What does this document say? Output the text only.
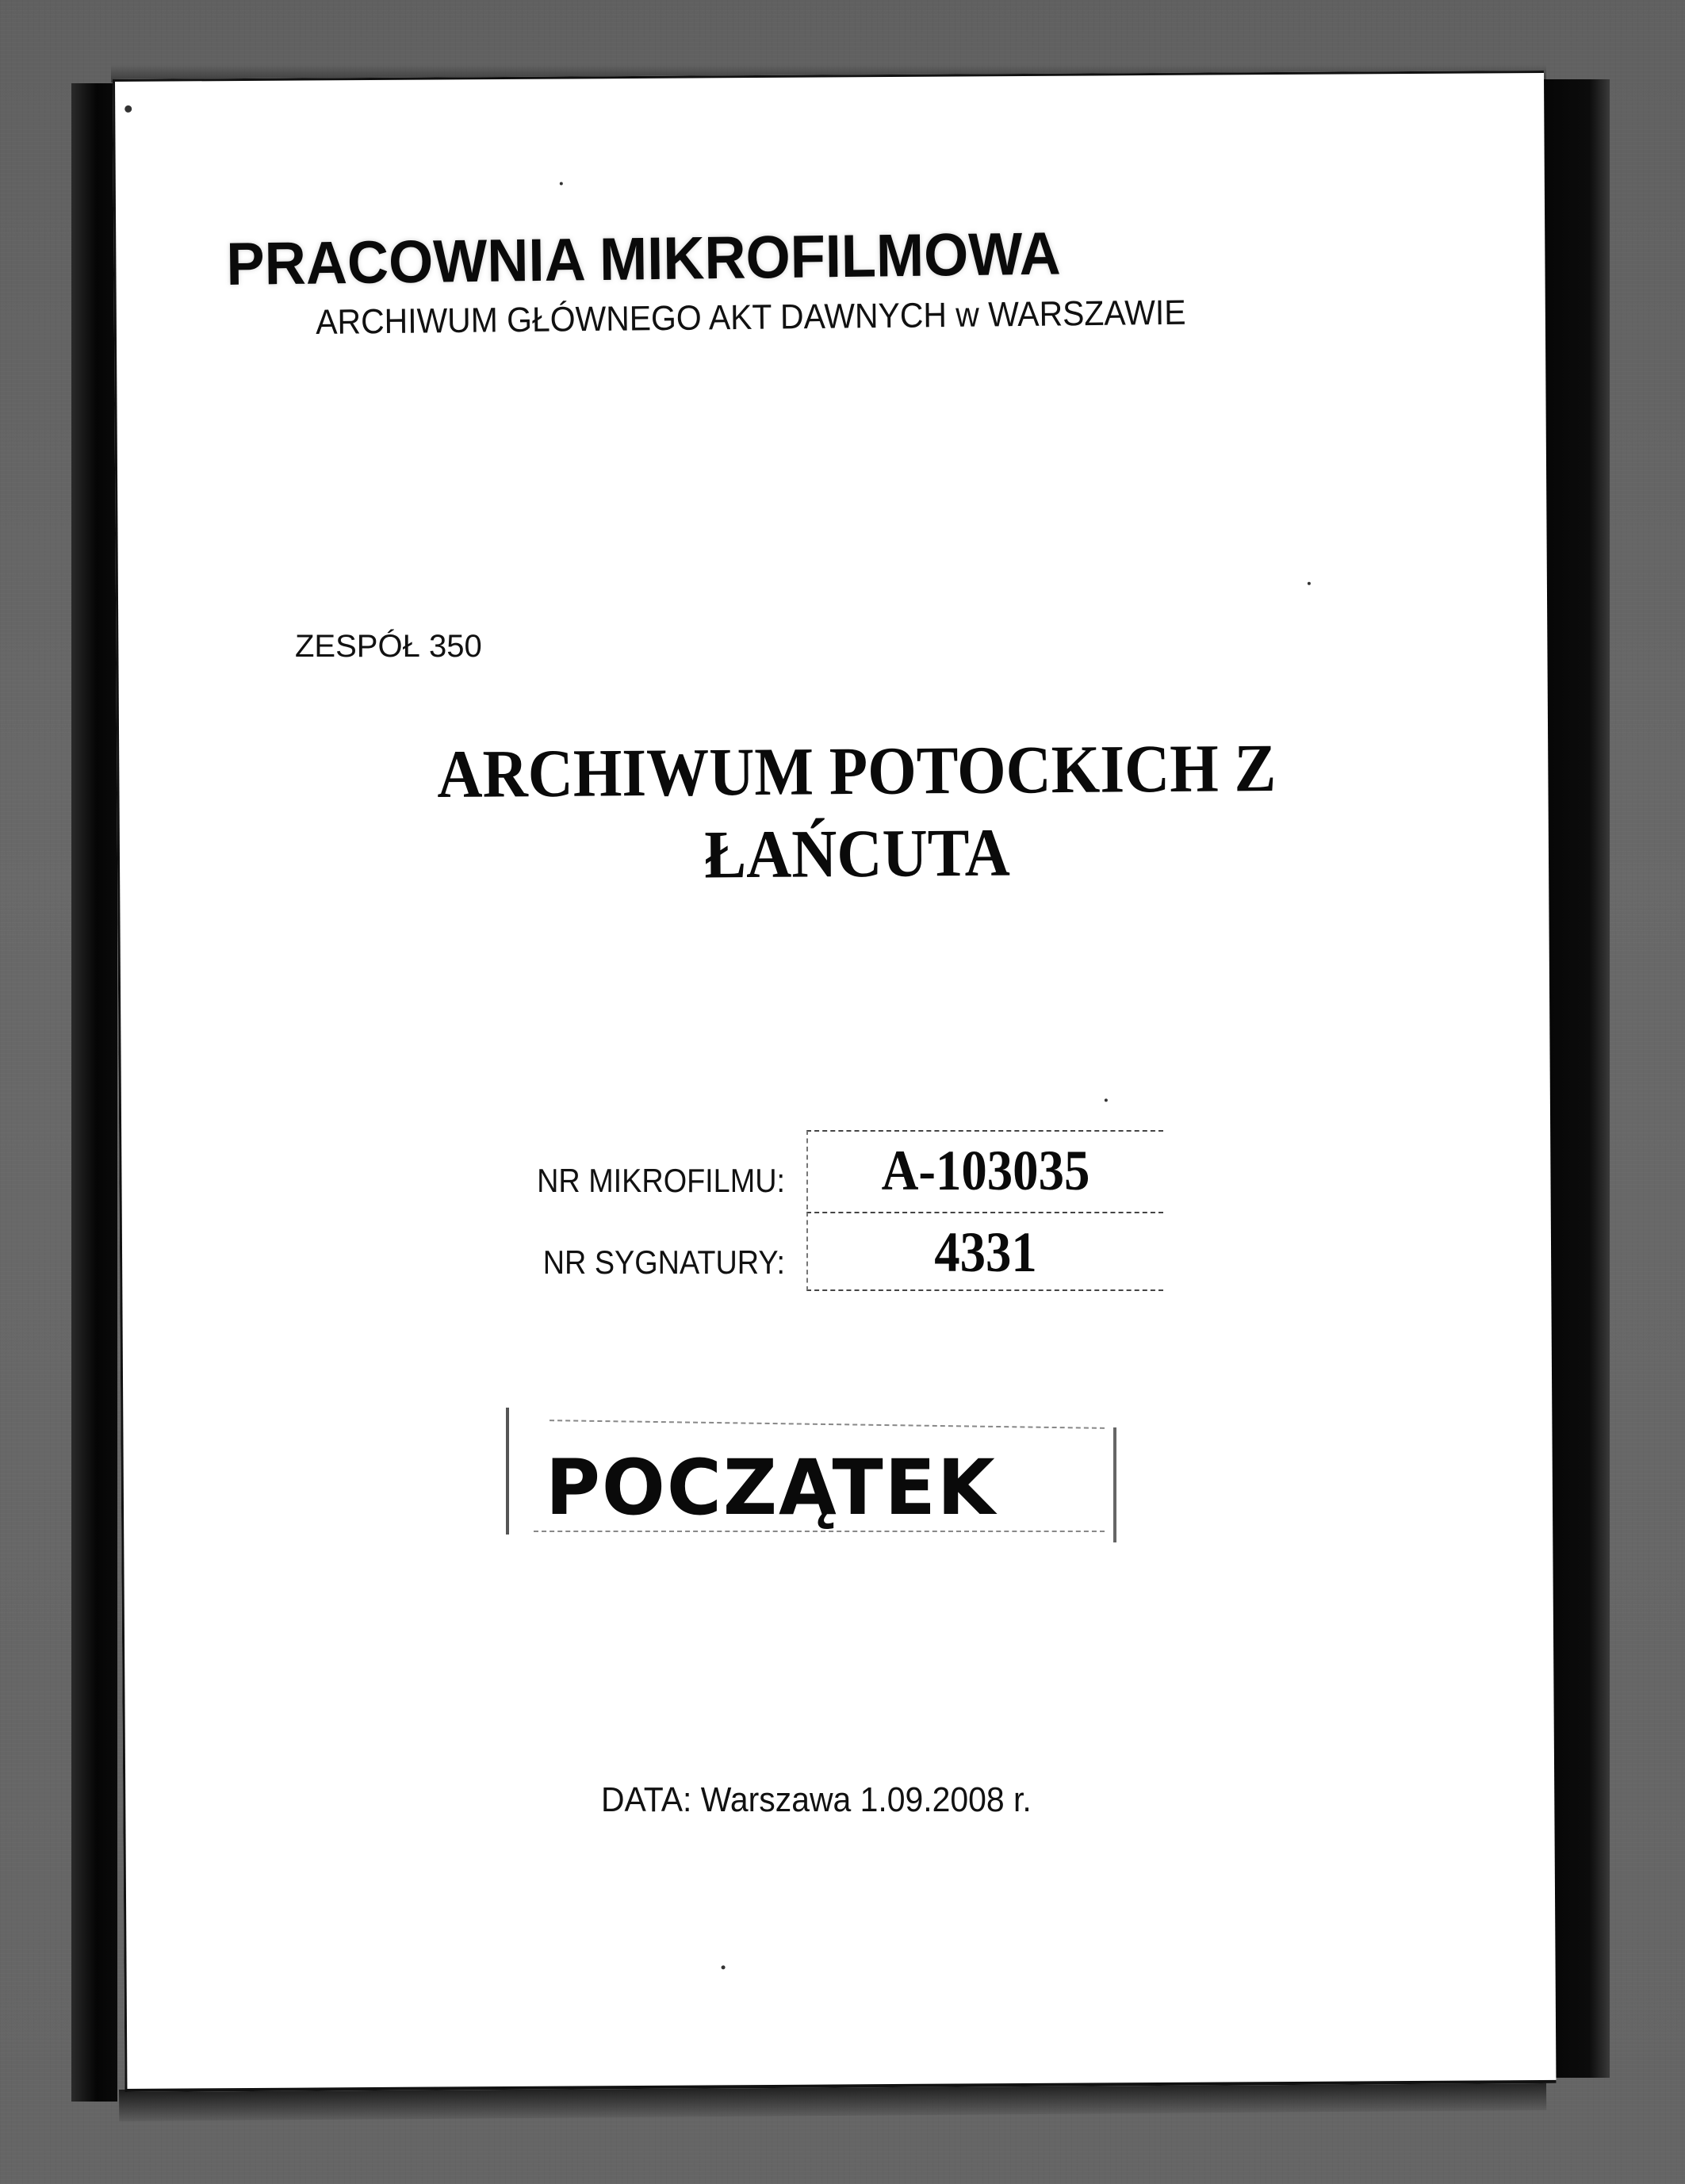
PRACOWNIA MIKROFILMOWA
ARCHIWUM GŁÓWNEGO AKT DAWNYCH w WARSZAWIE
ZESPÓŁ 350
ARCHIWUM POTOCKICH Z
ŁAŃCUTA
NR MIKROFILMU:	A-103035
NR SYGNATURY:	4331
POCZĄTEK
DATA: Warszawa 1.09.2008 r.
